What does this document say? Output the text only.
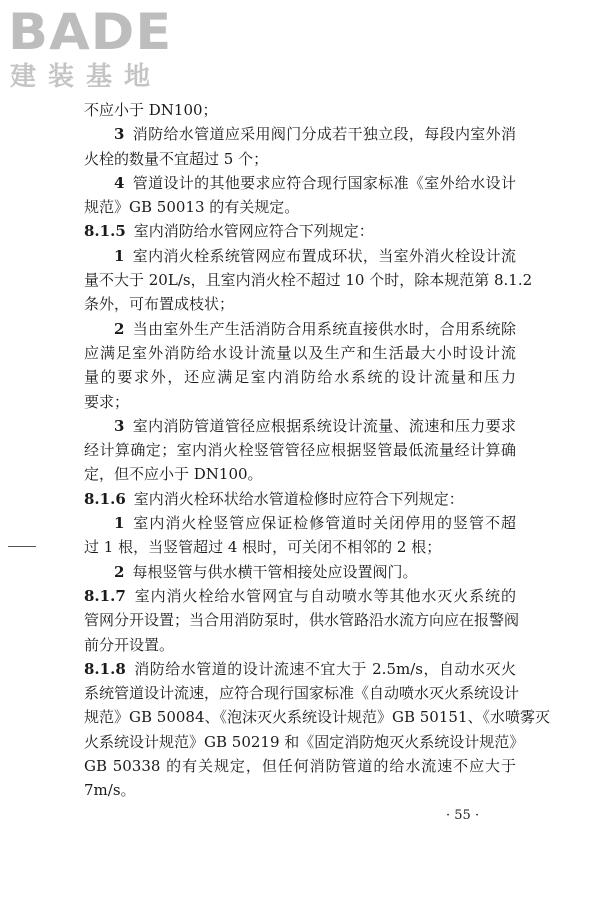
BADE
建装基地
不应小于 DN100；
3 消防给水管道应采用阀门分成若干独立段，每段内室外消
火栓的数量不宜超过 5 个；
4 管道设计的其他要求应符合现行国家标准《室外给水设计
规范》GB 50013 的有关规定。
8.1.5 室内消防给水管网应符合下列规定：
1 室内消火栓系统管网应布置成环状，当室外消火栓设计流
量不大于 20L/s，且室内消火栓不超过 10 个时，除本规范第 8.1.2
条外，可布置成枝状；
2 当由室外生产生活消防合用系统直接供水时，合用系统除
应满足室外消防给水设计流量以及生产和生活最大小时设计流
量的要求外，还应满足室内消防给水系统的设计流量和压力
要求；
3 室内消防管道管径应根据系统设计流量、流速和压力要求
经计算确定；室内消火栓竖管管径应根据竖管最低流量经计算确
定，但不应小于 DN100。
8.1.6 室内消火栓环状给水管道检修时应符合下列规定：
1 室内消火栓竖管应保证检修管道时关闭停用的竖管不超
过 1 根，当竖管超过 4 根时，可关闭不相邻的 2 根；
2 每根竖管与供水横干管相接处应设置阀门。
8.1.7 室内消火栓给水管网宜与自动喷水等其他水灭火系统的
管网分开设置；当合用消防泵时，供水管路沿水流方向应在报警阀
前分开设置。
8.1.8 消防给水管道的设计流速不宜大于 2.5m/s，自动水灭火
系统管道设计流速，应符合现行国家标准《自动喷水灭火系统设计
规范》GB 50084、《泡沫灭火系统设计规范》GB 50151、《水喷雾灭
火系统设计规范》GB 50219 和《固定消防炮灭火系统设计规范》
GB 50338 的有关规定，但任何消防管道的给水流速不应大于
7m/s。
· 55 ·
